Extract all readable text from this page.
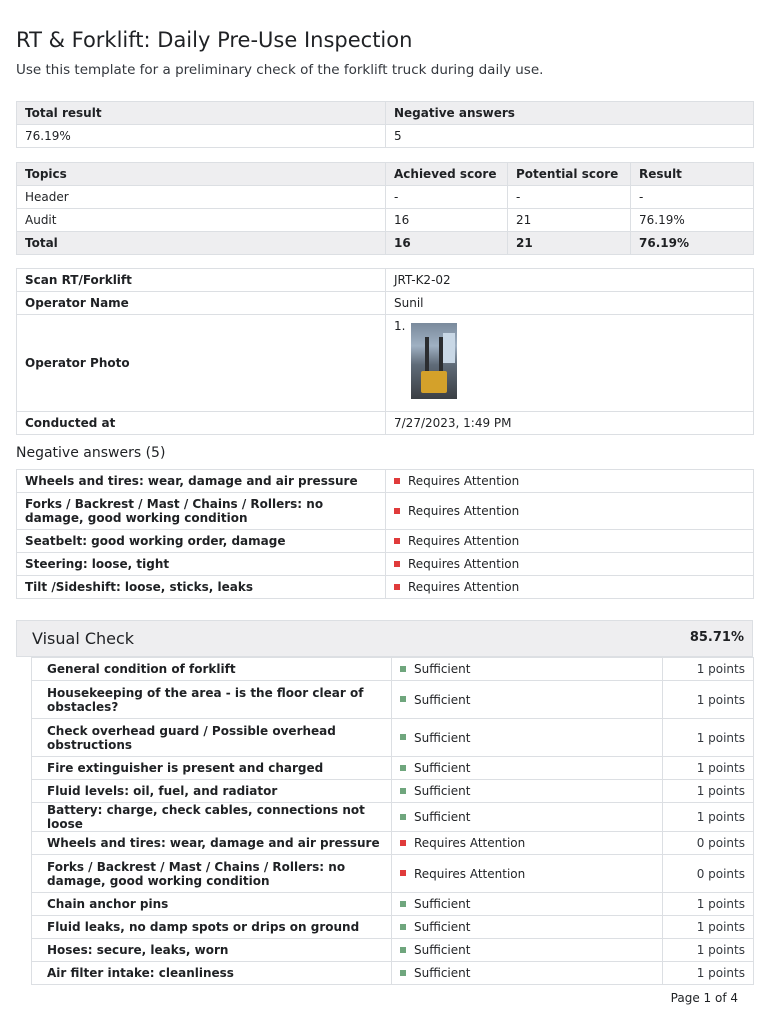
RT & Forklift: Daily Pre-Use Inspection
Use this template for a preliminary check of the forklift truck during daily use.
Total result	Negative answers
76.19%	5
Topics	Achieved score	Potential score	Result
Header	-	-	-
Audit	16	21	76.19%
Total	16	21	76.19%
Scan RT/Forklift	JRT-K2-02
Operator Name	Sunil
Operator Photo	1.

Conducted at	7/27/2023, 1:49 PM
Negative answers (5)
Wheels and tires: wear, damage and air pressure	Requires Attention
Forks / Backrest / Mast / Chains / Rollers: no damage, good working condition	Requires Attention
Seatbelt: good working order, damage	Requires Attention
Steering: loose, tight	Requires Attention
Tilt /Sideshift: loose, sticks, leaks	Requires Attention
Visual Check	85.71%
General condition of forklift	Sufficient	1 points
Housekeeping of the area - is the floor clear of obstacles?	Sufficient	1 points
Check overhead guard / Possible overhead obstructions	Sufficient	1 points
Fire extinguisher is present and charged	Sufficient	1 points
Fluid levels: oil, fuel, and radiator	Sufficient	1 points
Battery: charge, check cables, connections not loose	Sufficient	1 points
Wheels and tires: wear, damage and air pressure	Requires Attention	0 points
Forks / Backrest / Mast / Chains / Rollers: no damage, good working condition	Requires Attention	0 points
Chain anchor pins	Sufficient	1 points
Fluid leaks, no damp spots or drips on ground	Sufficient	1 points
Hoses: secure, leaks, worn	Sufficient	1 points
Air filter intake: cleanliness	Sufficient	1 points
Page 1 of 4
